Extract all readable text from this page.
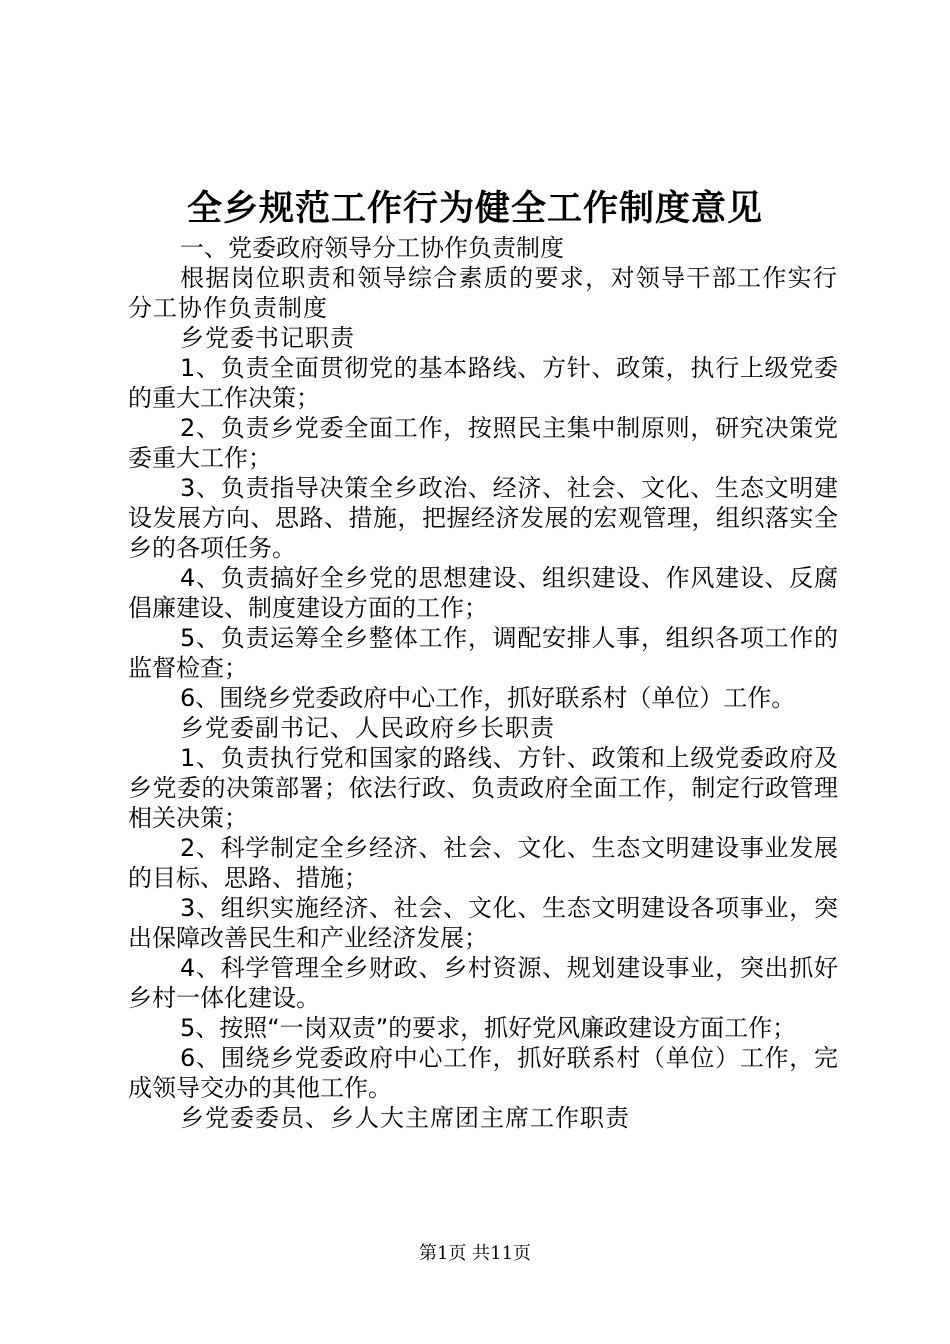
全乡规范工作行为健全工作制度意见

一、党委政府领导分工协作负责制度

根据岗位职责和领导综合素质的要求，对领导干部工作实行分工协作负责制度

乡党委书记职责

1、负责全面贯彻党的基本路线、方针、政策，执行上级党委的重大工作决策；

2、负责乡党委全面工作，按照民主集中制原则，研究决策党委重大工作；

3、负责指导决策全乡政治、经济、社会、文化、生态文明建设发展方向、思路、措施，把握经济发展的宏观管理，组织落实全乡的各项任务。

4、负责搞好全乡党的思想建设、组织建设、作风建设、反腐倡廉建设、制度建设方面的工作；

5、负责运筹全乡整体工作，调配安排人事，组织各项工作的监督检查；

6、围绕乡党委政府中心工作，抓好联系村（单位）工作。

乡党委副书记、人民政府乡长职责

1、负责执行党和国家的路线、方针、政策和上级党委政府及乡党委的决策部署；依法行政、负责政府全面工作，制定行政管理相关决策；

2、科学制定全乡经济、社会、文化、生态文明建设事业发展的目标、思路、措施；

3、组织实施经济、社会、文化、生态文明建设各项事业，突出保障改善民生和产业经济发展；

4、科学管理全乡财政、乡村资源、规划建设事业，突出抓好乡村一体化建设。

5、按照“一岗双责”的要求，抓好党风廉政建设方面工作；

6、围绕乡党委政府中心工作，抓好联系村（单位）工作，完成领导交办的其他工作。

乡党委委员、乡人大主席团主席工作职责

第1页 共11页
